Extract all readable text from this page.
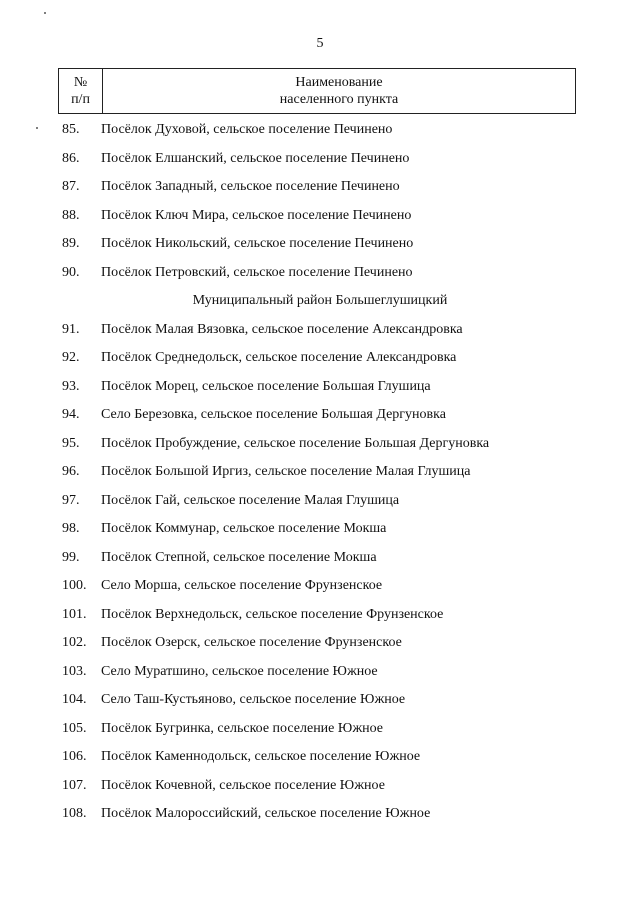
5
№
п/п
Наименование
населенного пункта
85. Посёлок Духовой, сельское поселение Печинено
86. Посёлок Елшанский, сельское поселение Печинено
87. Посёлок Западный, сельское поселение Печинено
88. Посёлок Ключ Мира, сельское поселение Печинено
89. Посёлок Никольский, сельское поселение Печинено
90. Посёлок Петровский, сельское поселение Печинено
Муниципальный район Большеглушицкий
91. Посёлок Малая Вязовка, сельское поселение Александровка
92. Посёлок Среднедольск, сельское поселение Александровка
93. Посёлок Морец, сельское поселение Большая Глушица
94. Село Березовка, сельское поселение Большая Дергуновка
95. Посёлок Пробуждение, сельское поселение Большая Дергуновка
96. Посёлок Большой Иргиз, сельское поселение Малая Глушица
97. Посёлок Гай, сельское поселение Малая Глушица
98. Посёлок Коммунар, сельское поселение Мокша
99. Посёлок Степной, сельское поселение Мокша
100. Село Морша, сельское поселение Фрунзенское
101. Посёлок Верхнедольск, сельское поселение Фрунзенское
102. Посёлок Озерск, сельское поселение Фрунзенское
103. Село Муратшино, сельское поселение Южное
104. Село Таш-Кустьяново, сельское поселение Южное
105. Посёлок Бугринка, сельское поселение Южное
106. Посёлок Каменнодольск, сельское поселение Южное
107. Посёлок Кочевной, сельское поселение Южное
108. Посёлок Малороссийский, сельское поселение Южное
